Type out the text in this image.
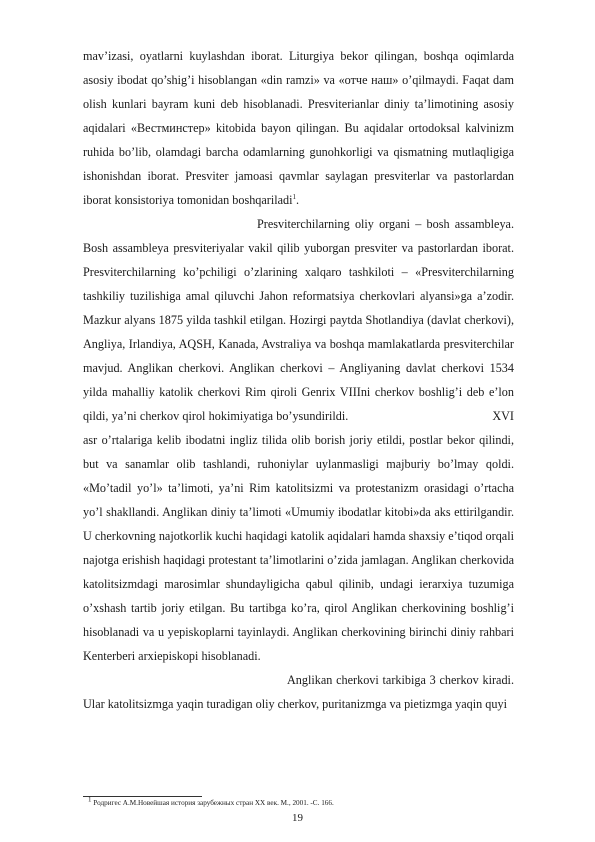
mav’izasi, oyatlarni kuylashdan iborat. Liturgiya bekor qilingan, boshqa oqimlarda asosiy ibodat qo’shig’i hisoblangan «din ramzi» va «отче наш» o’qilmaydi. Faqat dam olish kunlari bayram kuni deb hisoblanadi. Presviterianlar diniy ta’limotining asosiy aqidalari «Вестминстер» kitobida bayon qilingan. Bu aqidalar ortodoksal kalvinizm ruhida bo’lib, olamdagi barcha odamlarning gunohkorligi va qismatning mutlaqligiga ishonishdan iborat. Presviter jamoasi qavmlar saylagan presviterlar va pastorlardan iborat konsistoriya tomonidan boshqariladi$^1$.

Presviterchilarning oliy organi – bosh assambleya. Bosh assambleya presviteriyalar vakil qilib yuborgan presviter va pastorlardan iborat. Presviterchilarning ko’pchiligi o’zlarining xalqaro tashkiloti – «Presviterchilarning tashkiliy tuzilishiga amal qiluvchi Jahon reformatsiya cherkovlari alyansi»ga a’zodir. Mazkur alyans 1875 yilda tashkil etilgan. Hozirgi paytda Shotlandiya (davlat cherkovi), Angliya, Irlandiya, AQSH, Kanada, Avstraliya va boshqa mamlakatlarda presviterchilar mavjud. Anglikan cherkovi. Anglikan cherkovi – Angliyaning davlat cherkovi 1534 yilda mahalliy katolik cherkovi Rim qiroli Genrix VIIIni cherkov boshlig’i deb e’lon qildi, ya’ni cherkov qirol hokimiyatiga bo’ysundirildi.	XVI asr o’rtalariga kelib ibodatni ingliz tilida olib borish joriy etildi, postlar bekor qilindi, but va sanamlar olib tashlandi, ruhoniylar uylanmasligi majburiy bo’lmay qoldi. «Mo’tadil yo’l» ta’limoti, ya’ni Rim katolitsizmi va protestanizm orasidagi o’rtacha yo’l shakllandi. Anglikan diniy ta’limoti «Umumiy ibodatlar kitobi»da aks ettirilgandir. U cherkovning najotkorlik kuchi haqidagi katolik aqidalari hamda shaxsiy e’tiqod orqali najotga erishish haqidagi protestant ta’limotlarini o’zida jamlagan. Anglikan cherkovida katolitsizmdagi marosimlar shundayligicha qabul qilinib, undagi ierarxiya tuzumiga o’xshash tartib joriy etilgan. Bu tartibga ko’ra, qirol Anglikan cherkovining boshlig’i hisoblanadi va u yepiskoplarni tayinlaydi. Anglikan cherkovining birinchi diniy rahbari Kenterberi arxiepiskopi hisoblanadi.

Anglikan cherkovi tarkibiga 3 cherkov kiradi. Ular katolitsizmga yaqin turadigan oliy cherkov, puritanizmga va pietizmga yaqin quyi

$^1$ Родригес А.М.Новейшая история зарубежных стран XX век. М., 2001. -С. 166.
19
